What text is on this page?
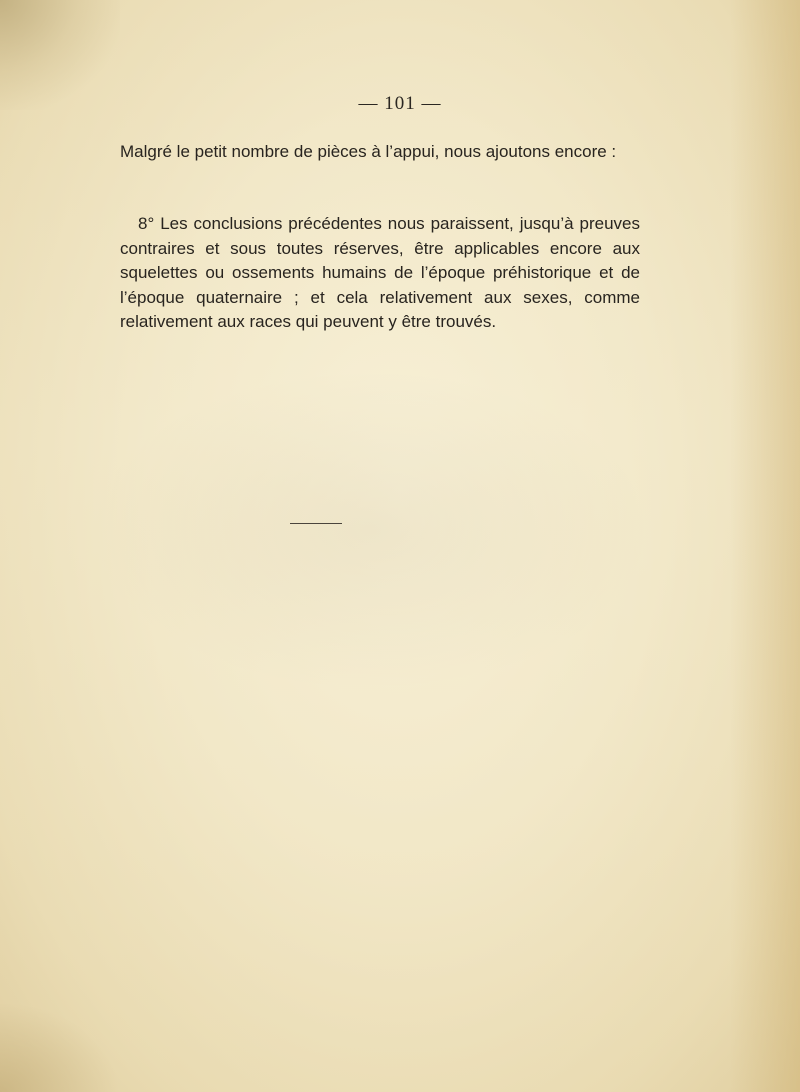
— 101 —
Malgré le petit nombre de pièces à l’appui, nous ajoutons encore :
8° Les conclusions précédentes nous paraissent, jusqu’à preuves contraires et sous toutes réserves, être applicables encore aux squelettes ou ossements humains de l’époque préhistorique et de l’époque quaternaire ; et cela relativement aux sexes, comme relativement aux races qui peuvent y être trouvés.
